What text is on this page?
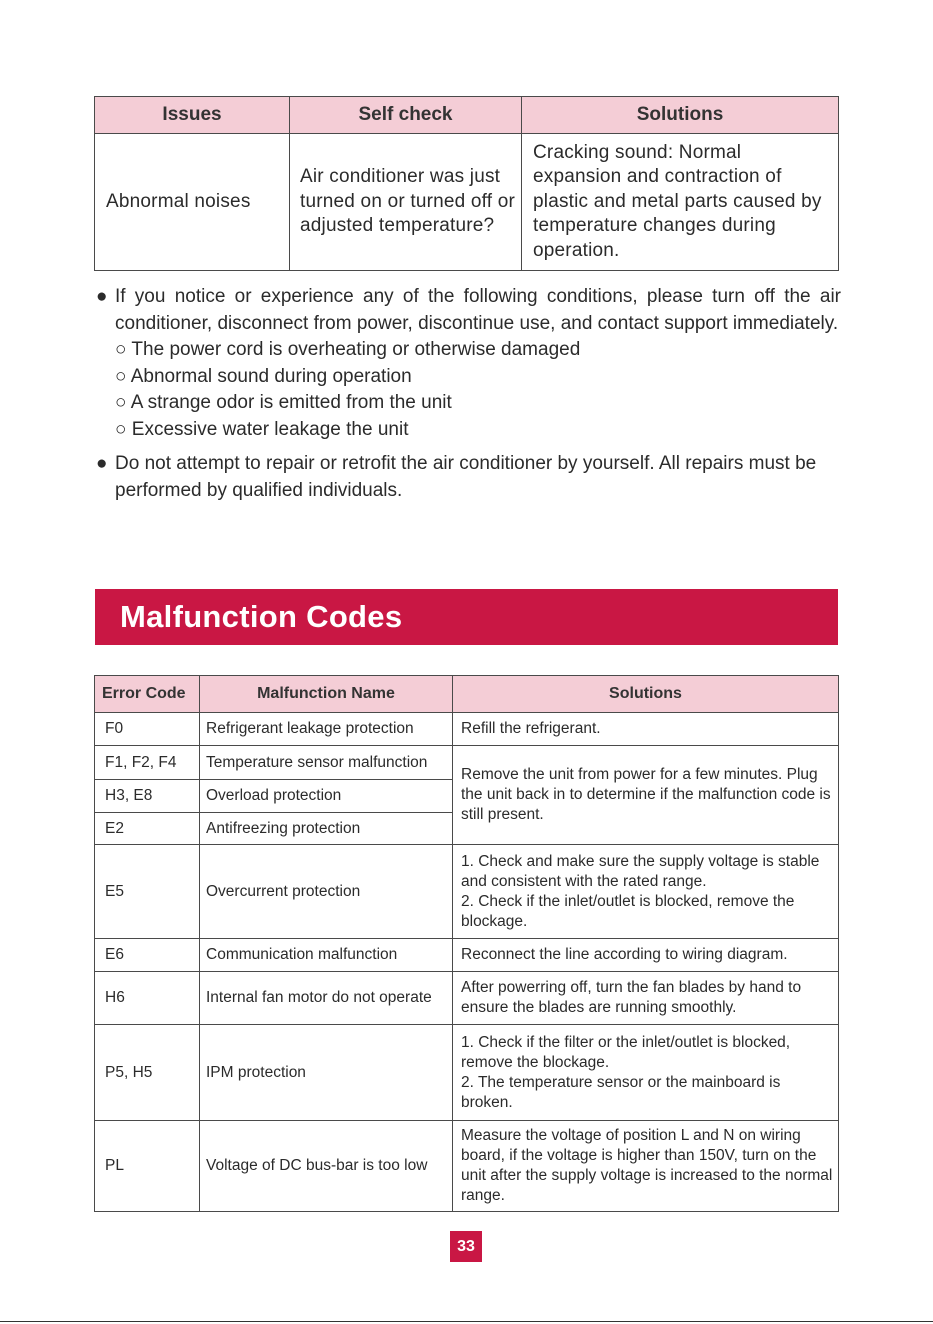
Issues	Self check	Solutions
Abnormal noises	Air conditioner was just turned on or turned off or adjusted temperature?	Cracking sound: Normal expansion and contraction of plastic and metal parts caused by temperature changes during operation.
● If you notice or experience any of the following conditions, please turn off the air conditioner, disconnect from power, discontinue use, and contact support immediately.
○ The power cord is overheating or otherwise damaged
○ Abnormal sound during operation
○ A strange odor is emitted from the unit
○ Excessive water leakage the unit
● Do not attempt to repair or retrofit the air conditioner by yourself. All repairs must be performed by qualified individuals.
Malfunction Codes
Error Code	Malfunction Name	Solutions
F0	Refrigerant leakage protection	Refill the refrigerant.
F1, F2, F4	Temperature sensor malfunction	Remove the unit from power for a few minutes. Plug the unit back in to determine if the malfunction code is still present.
H3, E8	Overload protection	
E2	Antifreezing protection	
E5	Overcurrent protection	1. Check and make sure the supply voltage is stable and consistent with the rated range.
2. Check if the inlet/outlet is blocked, remove the blockage.
E6	Communication malfunction	Reconnect the line according to wiring diagram.
H6	Internal fan motor do not operate	After powerring off, turn the fan blades by hand to ensure the blades are running smoothly.
P5, H5	IPM protection	1. Check if the filter or the inlet/outlet is blocked, remove the blockage.
2. The temperature sensor or the mainboard is broken.
PL	Voltage of DC bus-bar is too low	Measure the voltage of position L and N on wiring board, if the voltage is higher than 150V, turn on the unit after the supply voltage is increased to the normal range.
33
